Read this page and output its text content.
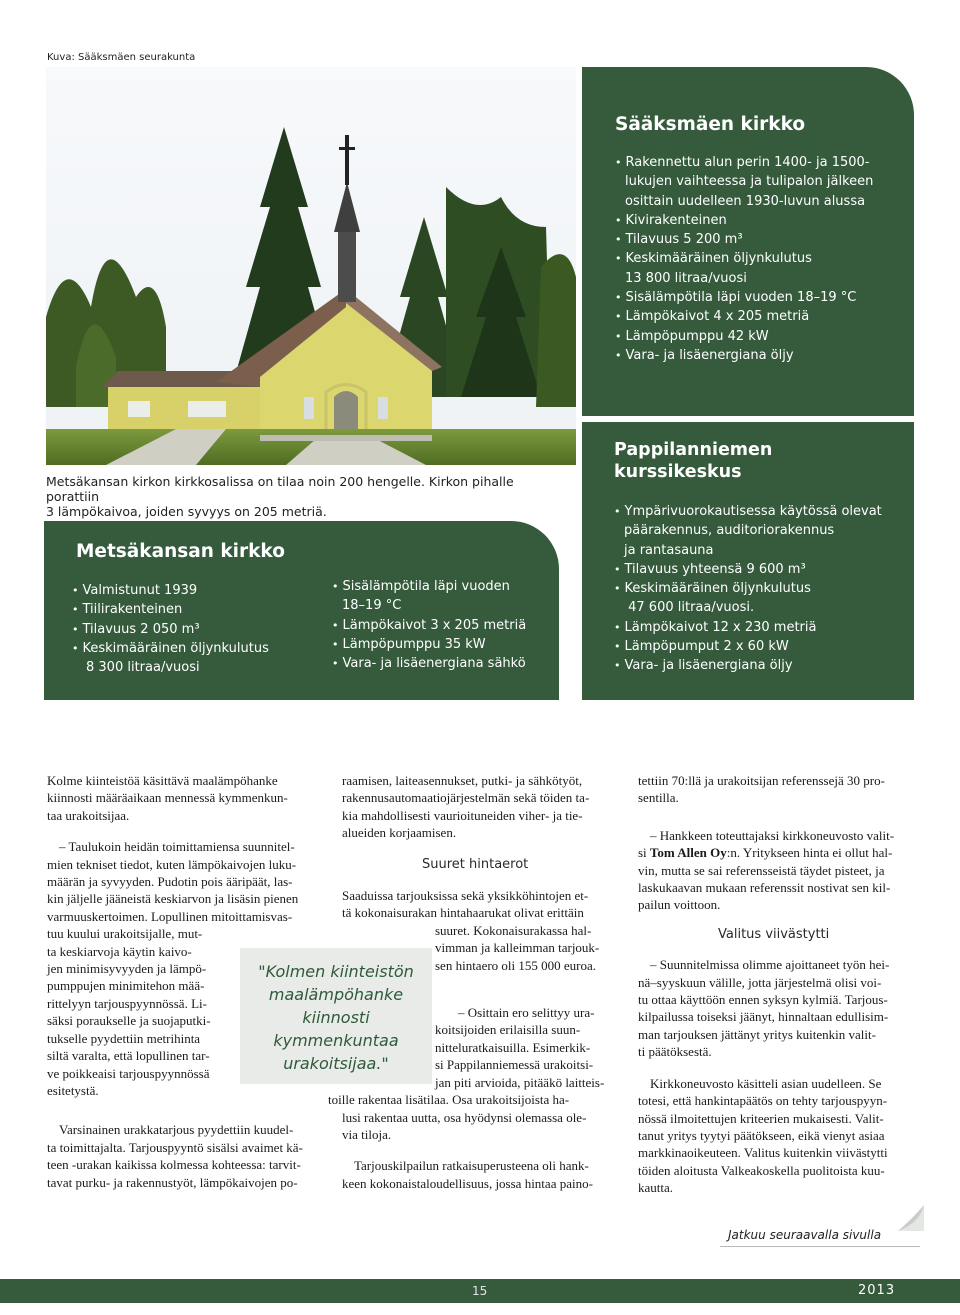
Kuva: Sääksmäen seurakunta
Metsäkansan kirkon kirkkosalissa on tilaa noin 200 hengelle. Kirkon pihalle porattiin
3 lämpökaivoa, joiden syvyys on 205 metriä.
Sääksmäen kirkko
• Rakennettu alun perin 1400- ja 1500-
lukujen vaihteessa ja tulipalon jälkeen
osittain uudelleen 1930-luvun alussa
• Kivirakenteinen
• Tilavuus 5 200 m³
• Keskimääräinen öljynkulutus
13 800 litraa/vuosi
• Sisälämpötila läpi vuoden 18–19 °C
• Lämpökaivot 4 x 205 metriä
• Lämpöpumppu 42 kW
• Vara- ja lisäenergiana öljy
Pappilanniemen
kurssikeskus
• Ympärivuorokautisessa käytössä olevat
päärakennus, auditoriorakennus
ja rantasauna
• Tilavuus yhteensä 9 600 m³
• Keskimääräinen öljynkulutus
47 600 litraa/vuosi.
• Lämpökaivot 12 x 230 metriä
• Lämpöpumput 2 x 60 kW
• Vara- ja lisäenergiana öljy
Metsäkansan kirkko
• Valmistunut 1939
• Tiilirakenteinen
• Tilavuus 2 050 m³
• Keskimääräinen öljynkulutus
8 300 litraa/vuosi
• Sisälämpötila läpi vuoden
18–19 °C
• Lämpökaivot 3 x 205 metriä
• Lämpöpumppu 35 kW
• Vara- ja lisäenergiana sähkö

Kolme kiinteistöä käsittävä maalämpöhanke

kiinnosti määräaikaan mennessä kymmenkun-

taa urakoitsijaa.

– Taulukoin heidän toimittamiensa suunnitel-

mien tekniset tiedot, kuten lämpökaivojen luku-

määrän ja syvyyden. Pudotin pois ääripäät, las-

kin jäljelle jääneistä keskiarvon ja lisäsin pienen

varmuuskertoimen. Lopullinen mitoittamisvas-

tuu kuului urakoitsijalle, mut-

ta keskiarvoja käytin kaivo-

jen minimisyvyyden ja lämpö-

pumppujen minimitehon mää-

rittelyyn tarjouspyynnössä. Li-

säksi poraukselle ja suojaputki-

tukselle pyydettiin metrihinta

siltä varalta, että lopullinen tar-

ve poikkeaisi tarjouspyynnössä

esitetystä.

Varsinainen urakkatarjous pyydettiin kuudel-

ta toimittajalta. Tarjouspyyntö sisälsi avaimet kä-

teen -urakan kaikissa kolmessa kohteessa: tarvit-

tavat purku- ja rakennustyöt, lämpökaivojen po-

"Kolmen kiinteistön
maalämpöhanke
kiinnosti
kymmenkuntaa
urakoitsijaa."

raamisen, laiteasennukset, putki- ja sähkötyöt,

rakennusautomaatiojärjestelmän sekä töiden ta-

kia mahdollisesti vaurioituneiden viher- ja tie-

alueiden korjaamisen.

Suuret hintaerot

Saaduissa tarjouksissa sekä yksikköhintojen et-

tä kokonaisurakan hintahaarukat olivat erittäin

suuret. Kokonaisurakassa hal-

vimman ja kalleimman tarjouk-

sen hintaero oli 155 000 euroa.

– Osittain ero selittyy ura-

koitsijoiden erilaisilla suun-

nitteluratkaisuilla. Esimerkik-

si Pappilanniemessä urakoitsi-

jan piti arvioida, pitääkö laitteis-

toille rakentaa lisätilaa. Osa urakoitsijoista ha-

lusi rakentaa uutta, osa hyödynsi olemassa ole-

via tiloja.

Tarjouskilpailun ratkaisuperusteena oli hank-

keen kokonaistaloudellisuus, jossa hintaa paino-

tettiin 70:llä ja urakoitsijan referenssejä 30 pro-

sentilla.

– Hankkeen toteuttajaksi kirkkoneuvosto valit-

si Tom Allen Oy:n. Yritykseen hinta ei ollut hal-

vin, mutta se sai referensseistä täydet pisteet, ja

laskukaavan mukaan referenssit nostivat sen kil-

pailun voittoon.

Valitus viivästytti

– Suunnitelmissa olimme ajoittaneet työn hei-

nä–syyskuun välille, jotta järjestelmä olisi voi-

tu ottaa käyttöön ennen syksyn kylmiä. Tarjous-

kilpailussa toiseksi jäänyt, hinnaltaan edullisim-

man tarjouksen jättänyt yritys kuitenkin valit-

ti päätöksestä.

Kirkkoneuvosto käsitteli asian uudelleen. Se

totesi, että hankintapäätös on tehty tarjouspyyn-

nössä ilmoitettujen kriteerien mukaisesti. Valit-

tanut yritys tyytyi päätökseen, eikä vienyt asiaa

markkinaoikeuteen. Valitus kuitenkin viivästytti

töiden aloitusta Valkeakoskella puolitoista kuu-

kautta.

Jatkuu seuraavalla sivulla
15	2013
